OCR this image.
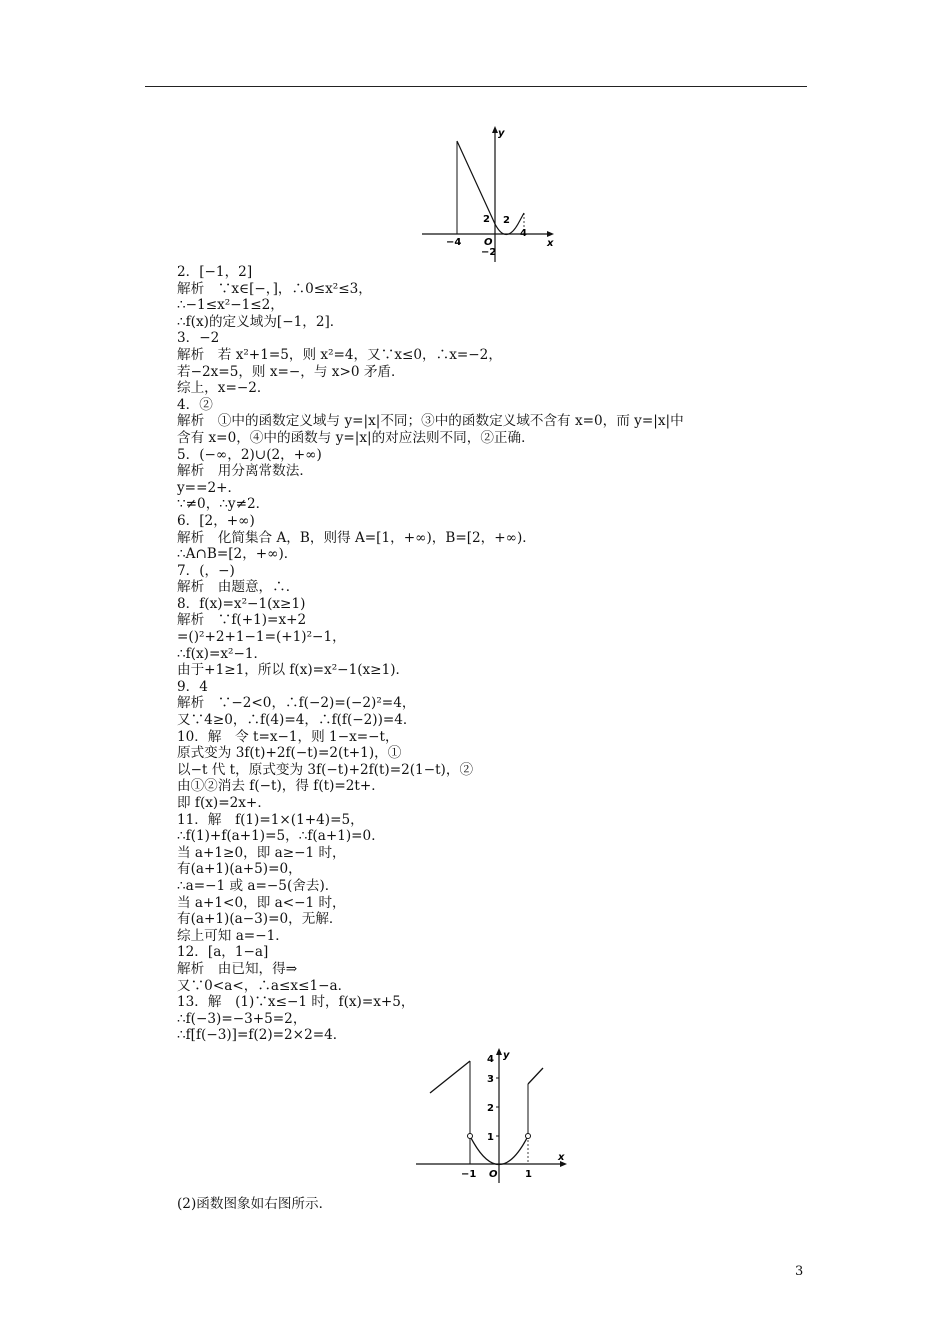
y
x
O
−4
2 2
4
−2
2．[−1，2]
解析　∵x∈[−，]，∴0≤x²≤3，
∴−1≤x²−1≤2，
∴f(x)的定义域为[−1，2]．
3．−2
解析　若 x²+1=5，则 x²=4，又∵x≤0，∴x=−2，
若−2x=5，则 x=−，与 x>0 矛盾．
综上，x=−2．
4．②
解析　①中的函数定义域与 y=|x|不同；③中的函数定义域不含有 x=0，而 y=|x|中
含有 x=0，④中的函数与 y=|x|的对应法则不同，②正确．
5．(−∞，2)∪(2，+∞)
解析　用分离常数法．
y==2+．
∵≠0，∴y≠2．
6．[2，+∞)
解析　化简集合 A，B，则得 A=[1，+∞)，B=[2，+∞)．
∴A∩B=[2，+∞)．
7．(，−)
解析　由题意，∴．
8．f(x)=x²−1(x≥1)
解析　∵f(+1)=x+2
=()²+2+1−1=(+1)²−1，
∴f(x)=x²−1．
由于+1≥1，所以 f(x)=x²−1(x≥1)．
9．4
解析　∵−2<0，∴f(−2)=(−2)²=4，
又∵4≥0，∴f(4)=4，∴f(f(−2))=4．
10．解　令 t=x−1，则 1−x=−t，
原式变为 3f(t)+2f(−t)=2(t+1)，①
以−t 代 t，原式变为 3f(−t)+2f(t)=2(1−t)，②
由①②消去 f(−t)，得 f(t)=2t+．
即 f(x)=2x+．
11．解　f(1)=1×(1+4)=5，
∴f(1)+f(a+1)=5，∴f(a+1)=0．
当 a+1≥0，即 a≥−1 时，
有(a+1)(a+5)=0，
∴a=−1 或 a=−5(舍去)．
当 a+1<0，即 a<−1 时，
有(a+1)(a−3)=0，无解．
综上可知 a=−1．
12．[a，1−a]
解析　由已知，得⇒
又∵0<a<，∴a≤x≤1−a．
13．解　(1)∵x≤−1 时，f(x)=x+5，
∴f(−3)=−3+5=2，
∴f[f(−3)]=f(2)=2×2=4．
y
x
O
4
3
2
1
−1	1
(2)函数图象如右图所示．
3
